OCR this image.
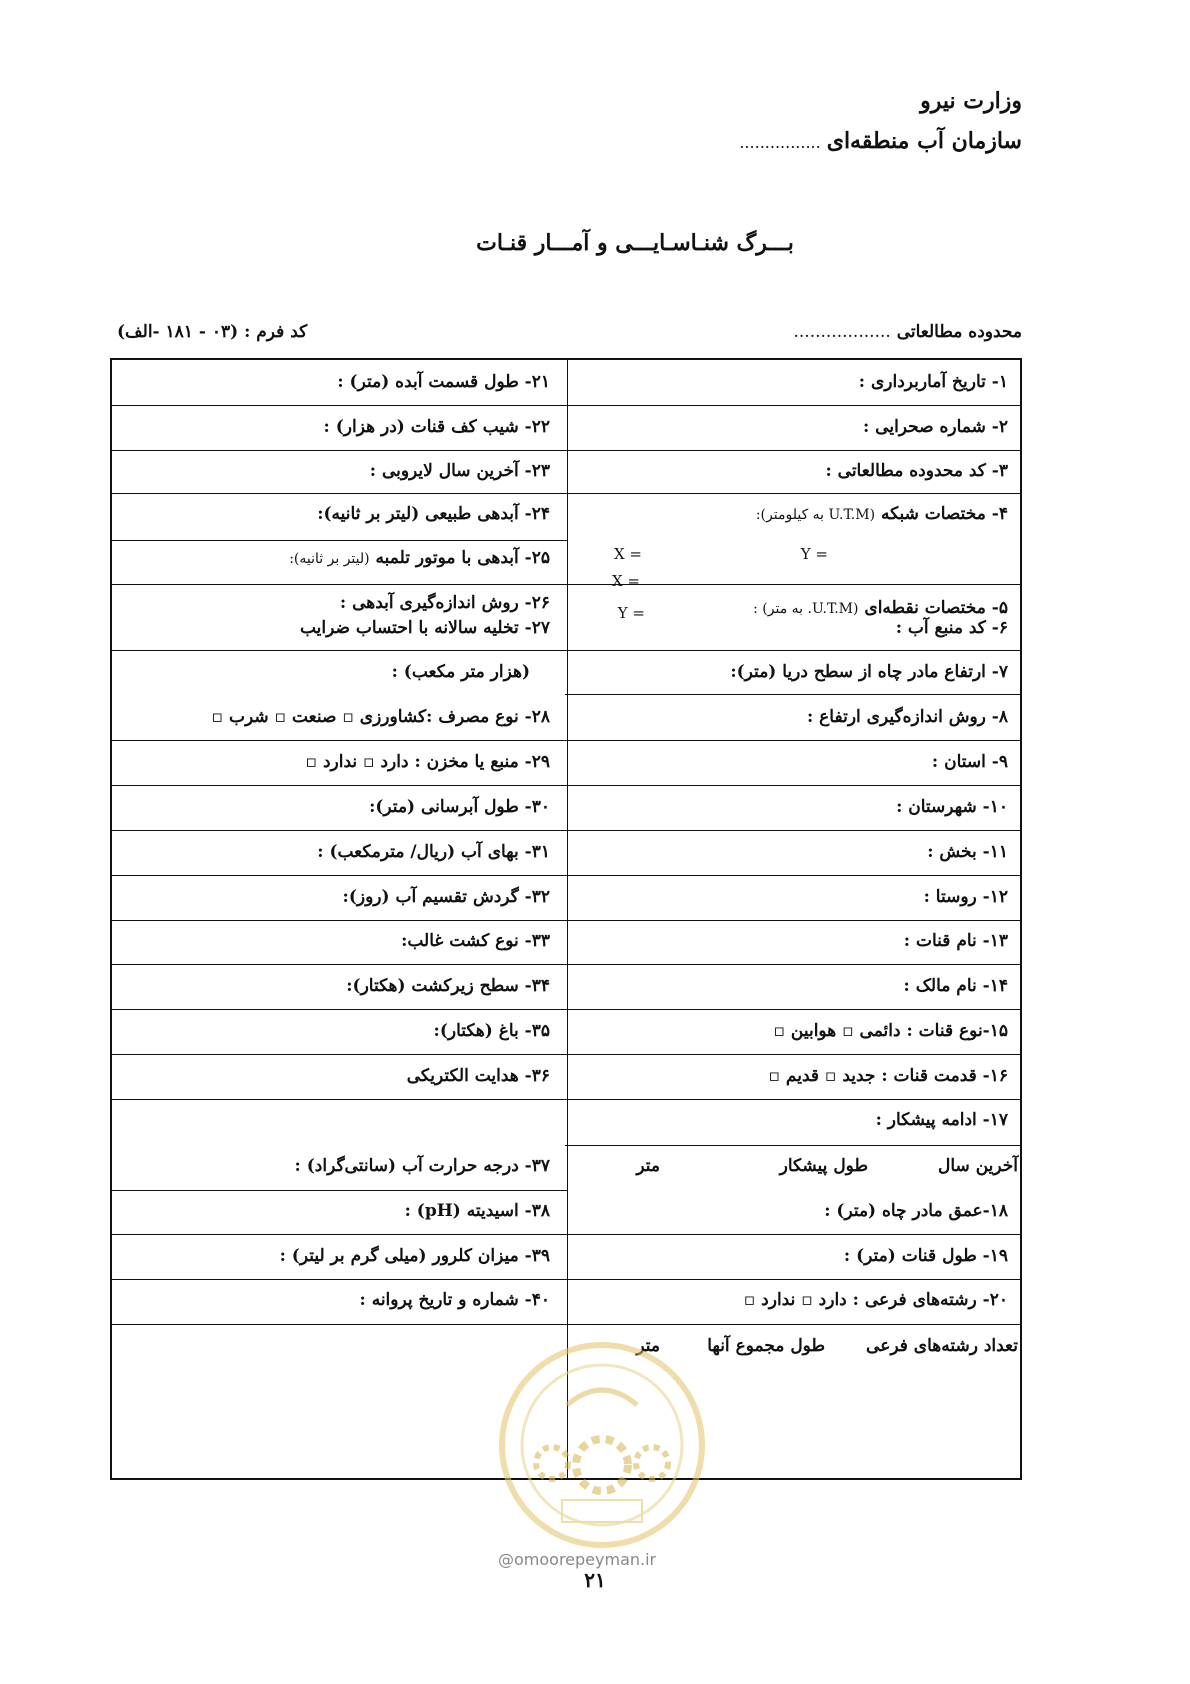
وزارت نیرو
سازمان آب منطقه‌ای................
بـــرگ شنـاسـایـــی و آمـــار قنـات
محدوده مطالعاتی ..................
کد فرم : (۰۳ - ۱۸۱ -الف)
۱- تاریخ آماربرداری :
۲- شماره صحرایی :
۳- کد محدوده مطالعاتی :
۴- مختصات شبکه (U.T.M به کیلومتر):
Y =
X =
۵- مختصات نقطه‌ای (U.T.M. به متر) :
X =
Y =
۶- کد منبع آب :
۷- ارتفاع مادر چاه از سطح دریا (متر):
۸- روش اندازه‌گیری ارتفاع :
۹- استان :
۱۰- شهرستان :
۱۱- بخش :
۱۲- روستا :
۱۳- نام قنات :
۱۴- نام مالک :
۱۵-نوع قنات : دائمی ▫ هوابین ▫
۱۶- قدمت قنات : جدید ▫ قدیم ▫
۱۷- ادامه پیشکار :
آخرین سال
طول پیشکار
متر
۱۸-عمق مادر چاه (متر) :
۱۹- طول قنات (متر) :
۲۰- رشته‌های فرعی : دارد ▫ ندارد ▫
تعداد رشته‌های فرعی
طول مجموع آنها
متر
۲۱- طول قسمت آبده (متر) :
۲۲- شیب کف قنات (در هزار) :
۲۳- آخرین سال لایروبی :
۲۴- آبدهی طبیعی (لیتر بر ثانیه):
۲۵- آبدهی با موتور تلمبه (لیتر بر ثانیه):
۲۶- روش اندازه‌گیری آبدهی :
۲۷- تخلیه سالانه با احتساب ضرایب
(هزار متر مکعب) :
۲۸- نوع مصرف :کشاورزی ▫ صنعت ▫ شرب ▫
۲۹- منبع یا مخزن : دارد ▫ ندارد ▫
۳۰- طول آبرسانی (متر):
۳۱- بهای آب (ریال/ مترمکعب) :
۳۲- گردش تقسیم آب (روز):
۳۳- نوع کشت غالب:
۳۴- سطح زیرکشت (هکتار):
۳۵- باغ (هکتار):
۳۶- هدایت الکتریکی
۳۷- درجه حرارت آب (سانتی‌گراد) :
۳۸- اسیدیته (pH) :
۳۹- میزان کلرور (میلی گرم بر لیتر) :
۴۰- شماره و تاریخ پروانه :
@omoorepeyman.ir
۲۱
